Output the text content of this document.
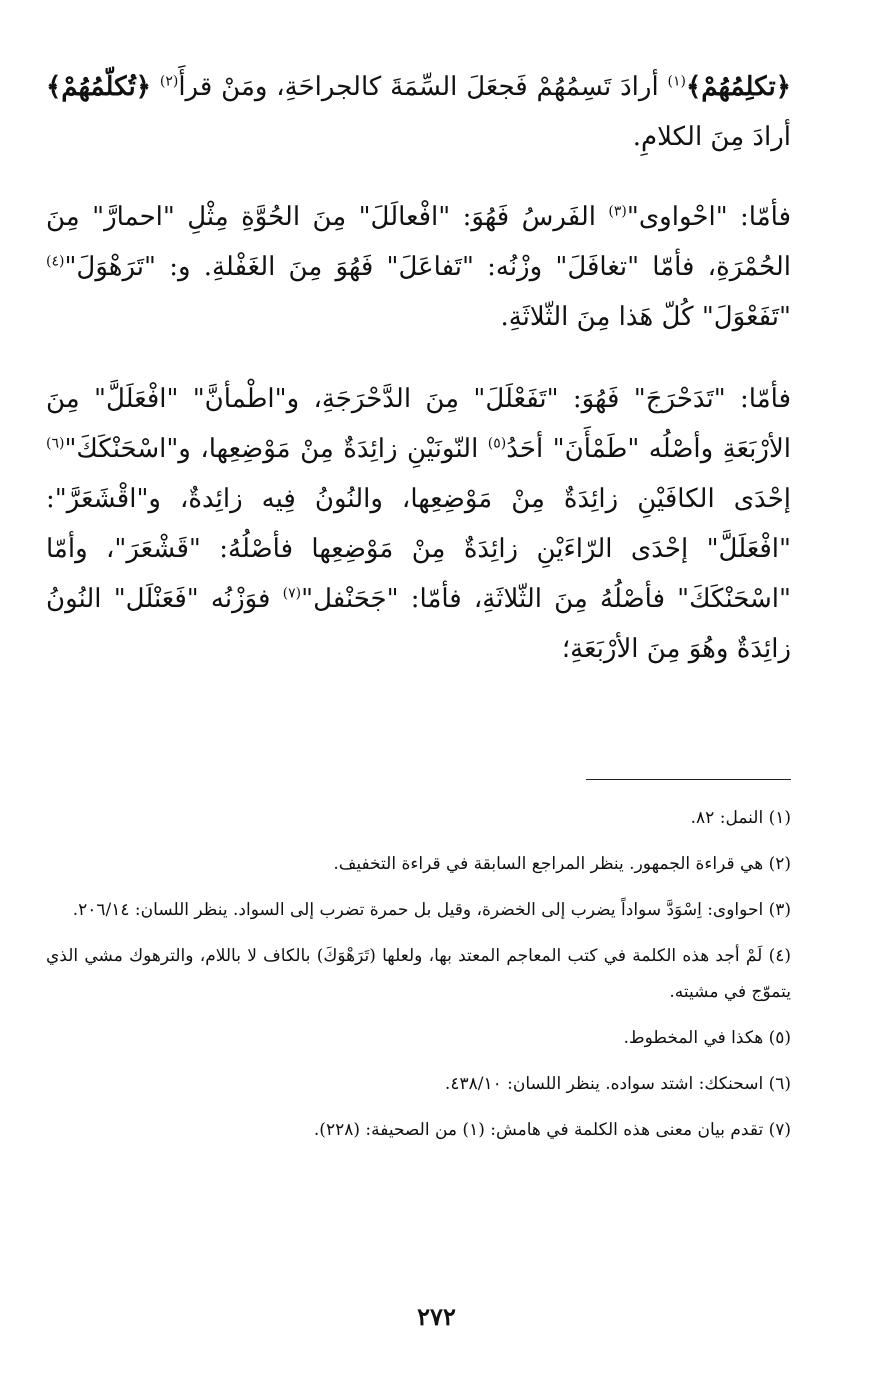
﴿تكلِمُهُمْ﴾$^{(١)}$ أرادَ تَسِمُهُمْ فَجعَلَ السِّمَةَ كالجراحَةِ، ومَنْ قرأَ$^{(٢)}$ ﴿تُكلّمُهُمْ﴾ أرادَ مِنَ الكلامِ.

فأمّا: "احْواوى"$^{(٣)}$ الفَرسُ فَهُوَ: "افْعالَلَ" مِنَ الحُوَّةِ مِثْلِ "احمارَّ" مِنَ الحُمْرَةِ، فأمّا "تغافَلَ" وزْنُه: "تَفاعَلَ" فَهُوَ مِنَ الغَفْلةِ. و: "تَرَهْوَلَ"$^{(٤)}$ "تَفَعْوَلَ" كُلّ هَذا مِنَ الثّلاثَةِ.

فأمّا: "تَدَحْرَجَ" فَهُوَ: "تَفَعْلَلَ" مِنَ الدَّحْرَجَةِ، و"اطْمأنَّ" "افْعَلَلَّ" مِنَ الأرْبَعَةِ وأصْلُه "طَمْأَنَ" أحَدُ$^{(٥)}$ النّونَيْنِ زائِدَةٌ مِنْ مَوْضِعِها، و"اسْحَنْكَكَ"$^{(٦)}$ إحْدَى الكافَيْنِ زائِدَةٌ مِنْ مَوْضِعِها، والنُونُ فِيه زائِدةٌ، و"اقْشَعَرَّ": "افْعَلَلَّ" إحْدَى الرّاءَيْنِ زائِدَةٌ مِنْ مَوْضِعِها فأصْلُهُ: "قَشْعَرَ"، وأمّا "اسْحَنْكَكَ" فأصْلُهُ مِنَ الثّلاثَةِ، فأمّا: "جَحَنْفل"$^{(٧)}$ فوَزْنُه "فَعَنْلَل" النُونُ زائِدَةٌ وهُوَ مِنَ الأرْبَعَةِ؛

(١) النمل: ٨٢.

(٢) هي قراءة الجمهور. ينظر المراجع السابقة في قراءة التخفيف.

(٣) احواوى: اِسْوَدَّ سواداً يضرب إلى الخضرة، وقيل بل حمرة تضرب إلى السواد. ينظر اللسان: ٢٠٦/١٤.

(٤) لَمْ أجد هذه الكلمة في كتب المعاجم المعتد بها، ولعلها (تَرَهْوَكَ) بالكاف لا باللام، والترهوك مشي الذي يتموّج في مشيته.

(٥) هكذا في المخطوط.

(٦) اسحنكك: اشتد سواده. ينظر اللسان: ٤٣٨/١٠.

(٧) تقدم بيان معنى هذه الكلمة في هامش: (١) من الصحيفة: (٢٢٨).

٢٧٢
